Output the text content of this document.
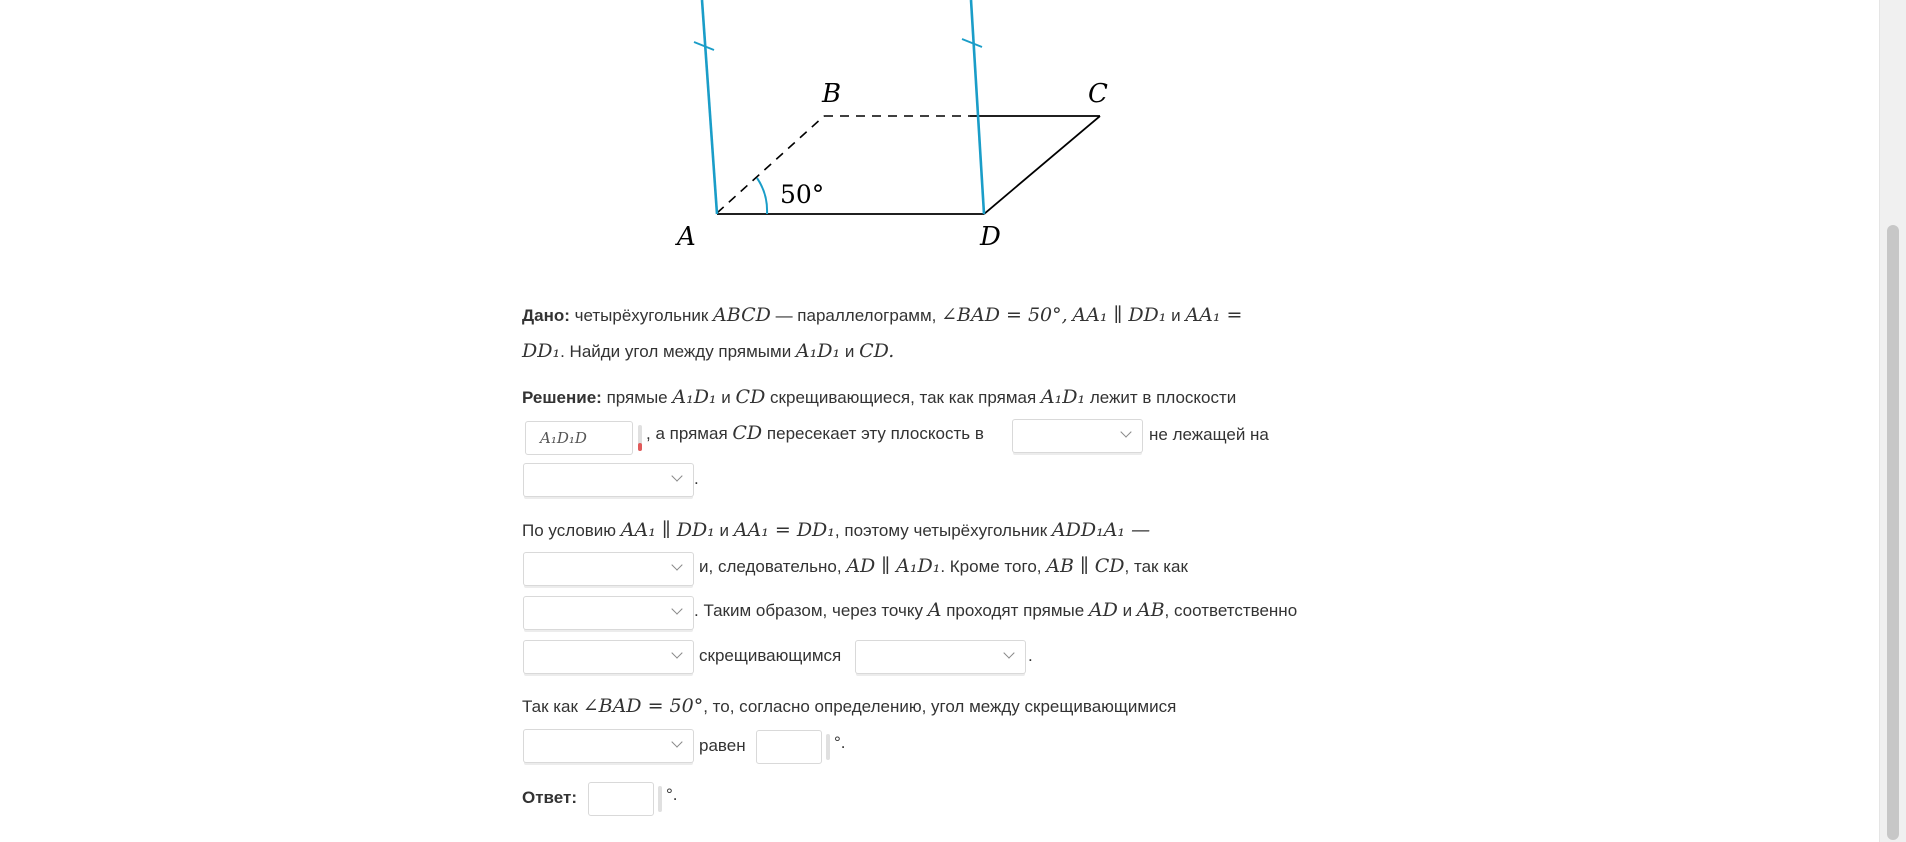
A
B	C
D
50°
Дано: четырёхугольник ABCD — параллелограмм, ∠BAD = 50°, AA₁ ∥ DD₁ и AA₁ =
DD₁. Найди угол между прямыми A₁D₁ и CD.
Решение: прямые A₁D₁ и CD скрещивающиеся, так как прямая A₁D₁ лежит в плоскости
A₁D₁D	, а прямая CD пересекает эту плоскость в	не лежащей на
.
По условию AA₁ ∥ DD₁ и AA₁ = DD₁, поэтому четырёхугольник ADD₁A₁ —
и, следовательно, AD ∥ A₁D₁. Кроме того, AB ∥ CD, так как
. Таким образом, через точку A проходят прямые AD и AB, соответственно
скрещивающимся	.
Так как ∠BAD = 50°, то, согласно определению, угол между скрещивающимися
равен	°.
Ответ:	°.
